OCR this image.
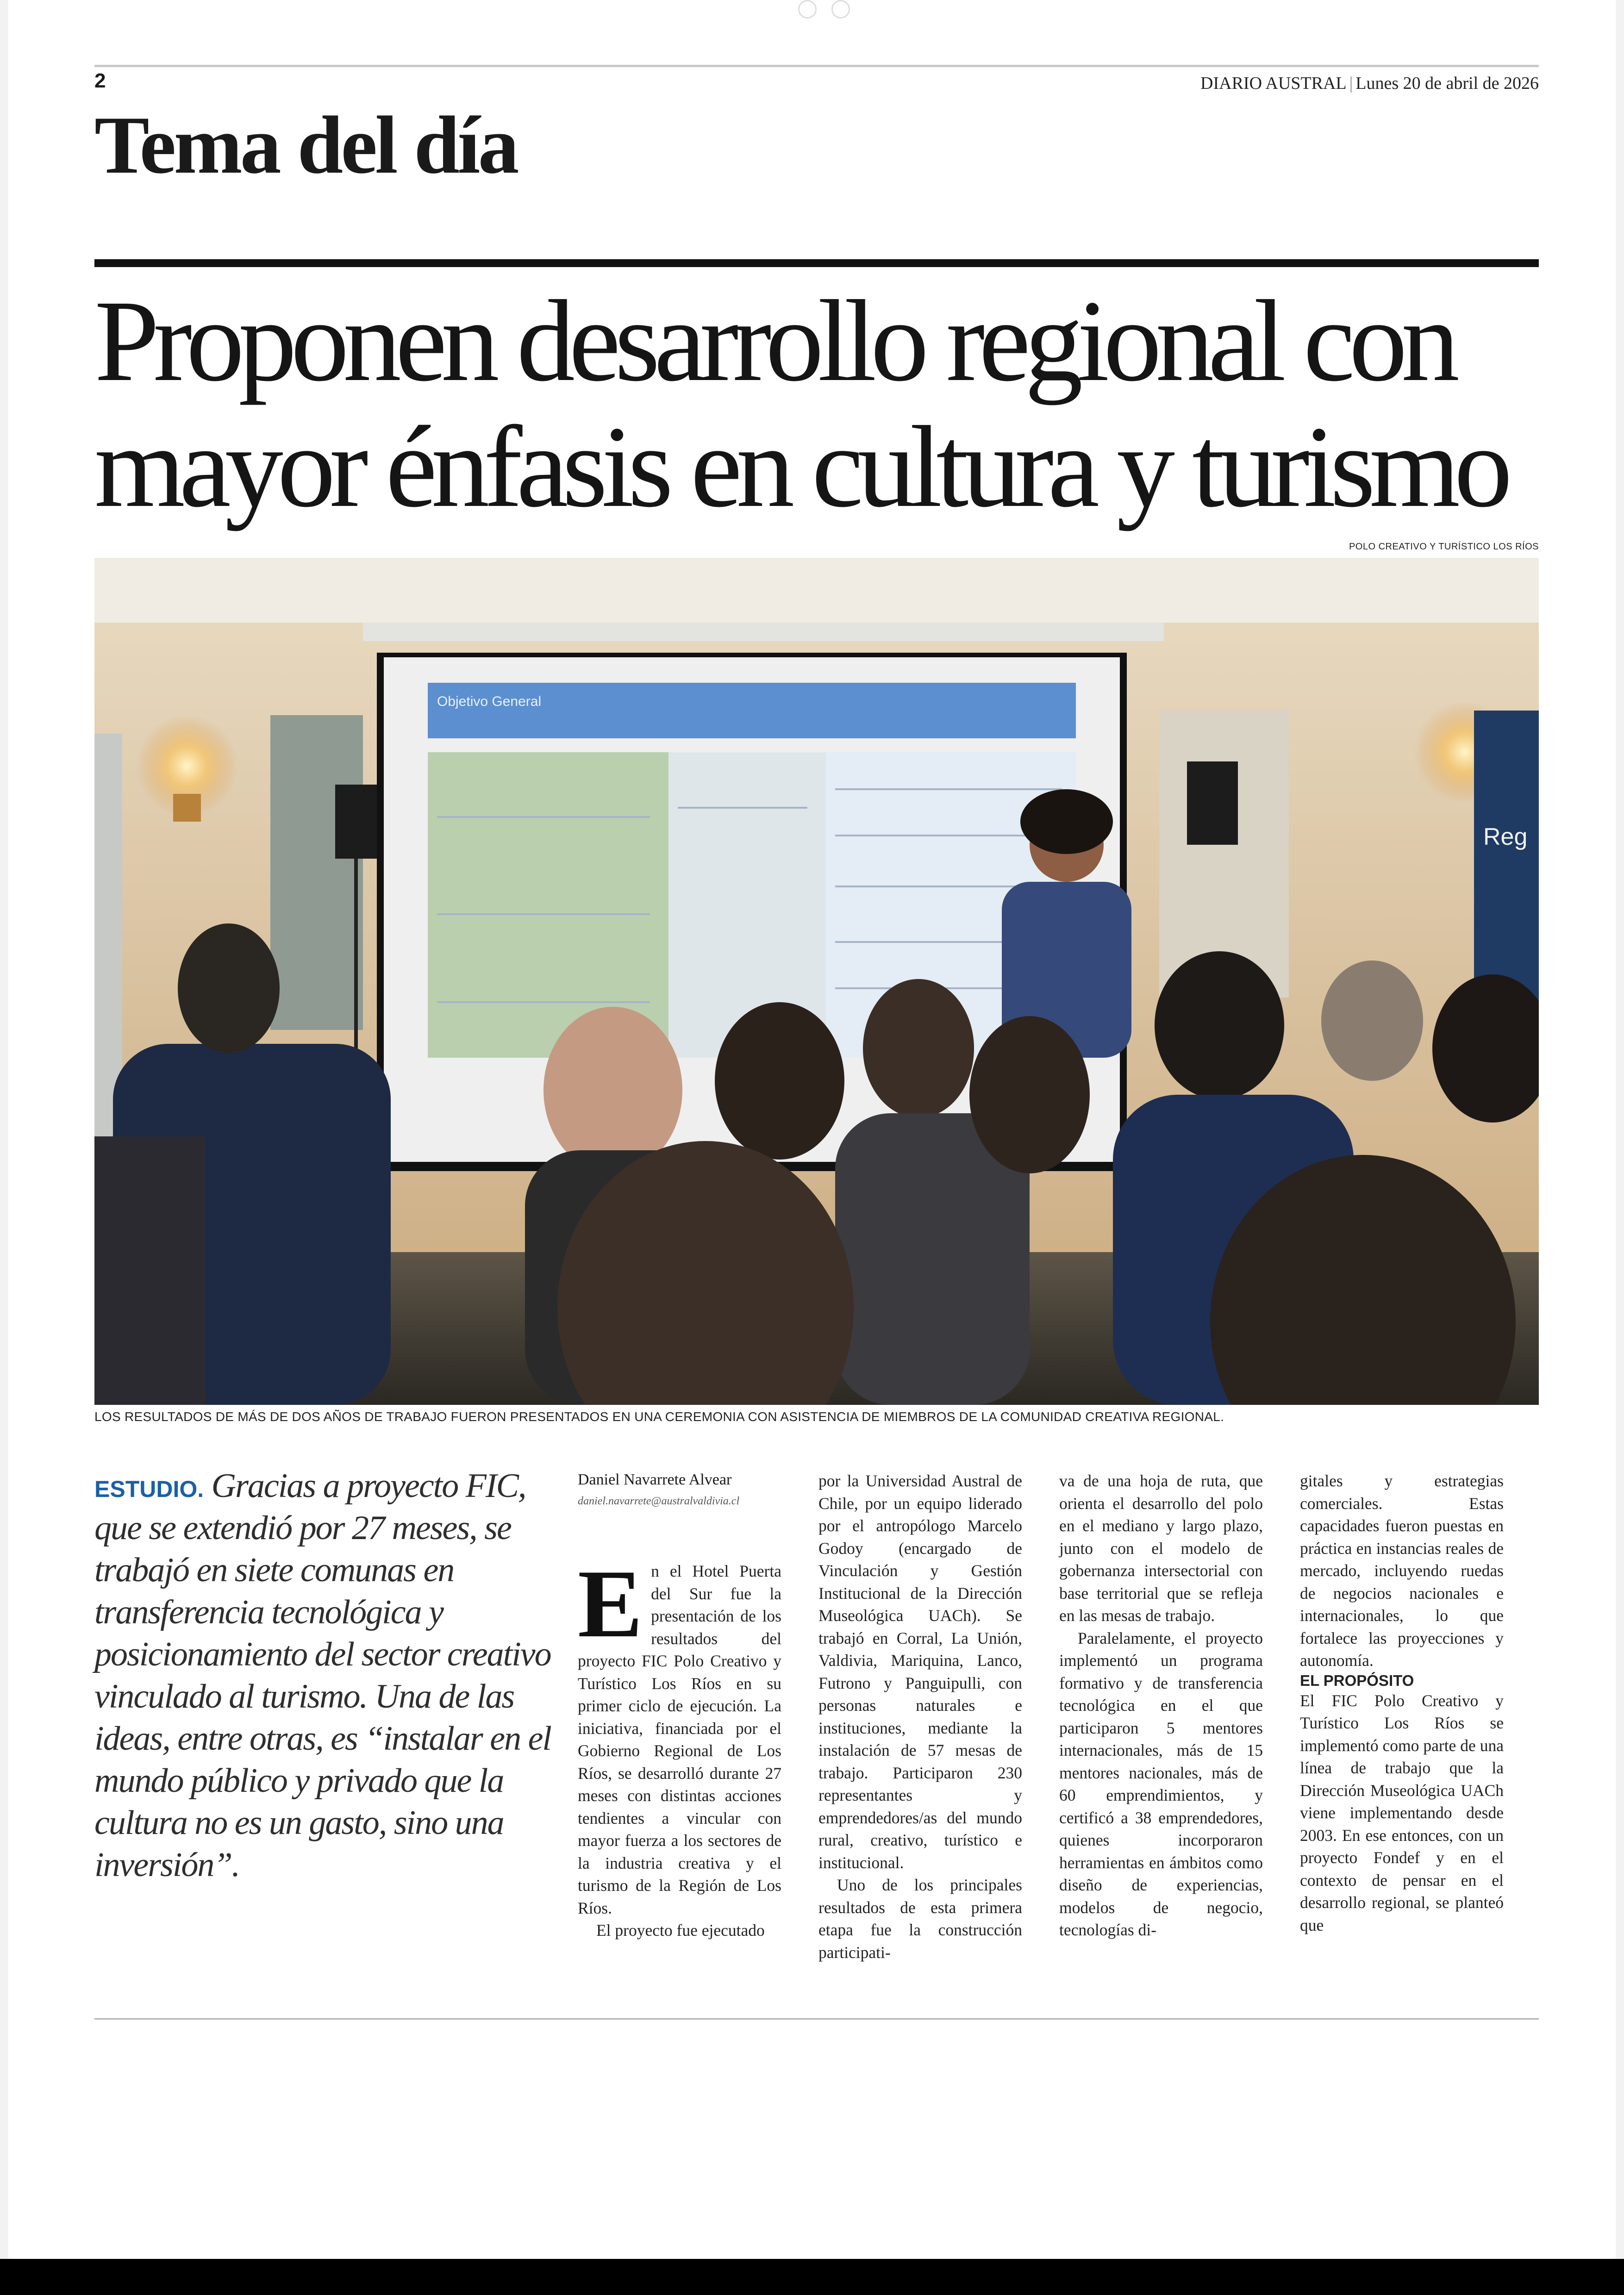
2	DIARIO AUSTRAL | Lunes 20 de abril de 2026
Tema del día
Proponen desarrollo regional con mayor énfasis en cultura y turismo
POLO CREATIVO Y TURÍSTICO LOS RÍOS
Objetivo General
Reg
LOS RESULTADOS DE MÁS DE DOS AÑOS DE TRABAJO FUERON PRESENTADOS EN UNA CEREMONIA CON ASISTENCIA DE MIEMBROS DE LA COMUNIDAD CREATIVA REGIONAL.

ESTUDIO. Gracias a proyecto FIC, que se extendió por 27 meses, se trabajó en siete comunas en transferencia tecnológica y posicionamiento del sector creativo vinculado al turismo. Una de las ideas, entre otras, es “instalar en el mundo público y privado que la cultura no es un gasto, sino una inversión”.

Daniel Navarrete Alvear
daniel.navarrete@australvaldivia.cl

En el Hotel Puerta del Sur fue la presentación de los resultados del proyecto FIC Polo Creativo y Turístico Los Ríos en su primer ciclo de ejecución. La iniciativa, financiada por el Gobierno Regional de Los Ríos, se desarrolló durante 27 meses con distintas acciones tendientes a vincular con mayor fuerza a los sectores de la industria creativa y el turismo de la Región de Los Ríos.

El proyecto fue ejecutado

por la Universidad Austral de Chile, por un equipo liderado por el antropólogo Marcelo Godoy (encargado de Vinculación y Gestión Institucional de la Dirección Museológica UACh). Se trabajó en Corral, La Unión, Valdivia, Mariquina, Lanco, Futrono y Panguipulli, con personas naturales e instituciones, mediante la instalación de 57 mesas de trabajo. Participaron 230 representantes y emprendedores/as del mundo rural, creativo, turístico e institucional.

Uno de los principales resultados de esta primera etapa fue la construcción participati-

va de una hoja de ruta, que orienta el desarrollo del polo en el mediano y largo plazo, junto con el modelo de gobernanza intersectorial con base territorial que se refleja en las mesas de trabajo.

Paralelamente, el proyecto implementó un programa formativo y de transferencia tecnológica en el que participaron 5 mentores internacionales, más de 15 mentores nacionales, más de 60 emprendimientos, y certificó a 38 emprendedores, quienes incorporaron herramientas en ámbitos como diseño de experiencias, modelos de negocio, tecnologías di-

gitales y estrategias comerciales. Estas capacidades fueron puestas en práctica en instancias reales de mercado, incluyendo ruedas de negocios nacionales e internacionales, lo que fortalece las proyecciones y autonomía.

EL PROPÓSITO

El FIC Polo Creativo y Turístico Los Ríos se implementó como parte de una línea de trabajo que la Dirección Museológica UACh viene implementando desde 2003. En ese entonces, con un proyecto Fondef y en el contexto de pensar en el desarrollo regional, se planteó que
